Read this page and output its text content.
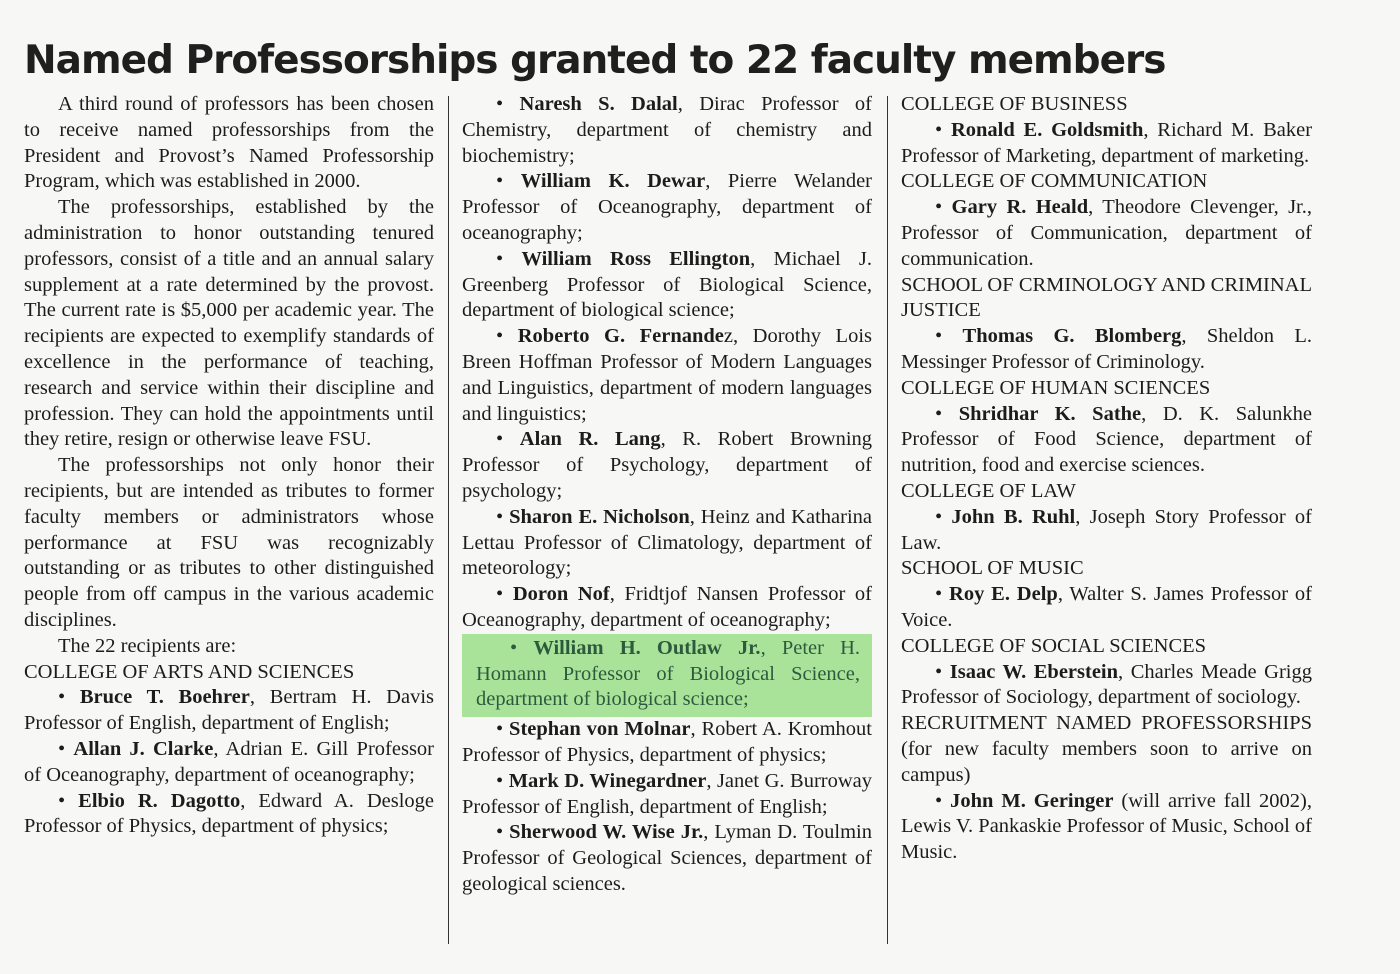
Named Professorships granted to 22 faculty members

A third round of professors has been chosen to receive named professorships from the President and Provost’s Named Professorship Program, which was established in 2000.

The professorships, established by the administration to honor outstanding tenured professors, consist of a title and an annual salary supplement at a rate determined by the provost. The current rate is $5,000 per academic year. The recipients are expected to exemplify standards of excellence in the performance of teaching, research and service within their discipline and profession. They can hold the appointments until they retire, resign or otherwise leave FSU.

The professorships not only honor their recipients, but are intended as tributes to former faculty members or administrators whose performance at FSU was recognizably outstanding or as tributes to other distinguished people from off campus in the various academic disciplines.

The 22 recipients are:

COLLEGE OF ARTS AND SCIENCES

• Bruce T. Boehrer, Bertram H. Davis Professor of English, department of English;

• Allan J. Clarke, Adrian E. Gill Professor of Oceanography, department of oceanography;

• Elbio R. Dagotto, Edward A. Desloge Professor of Physics, department of physics;

• Naresh S. Dalal, Dirac Professor of Chemistry, department of chemistry and biochemistry;

• William K. Dewar, Pierre Welander Professor of Oceanography, department of oceanography;

• William Ross Ellington, Michael J. Greenberg Professor of Biological Science, department of biological science;

• Roberto G. Fernandez, Dorothy Lois Breen Hoffman Professor of Modern Languages and Linguistics, department of modern languages and linguistics;

• Alan R. Lang, R. Robert Browning Professor of Psychology, department of psychology;

• Sharon E. Nicholson, Heinz and Katharina Lettau Professor of Climatology, department of meteorology;

• Doron Nof, Fridtjof Nansen Professor of Oceanography, department of oceanography;

• William H. Outlaw Jr., Peter H. Homann Professor of Biological Science, department of biological science;

• Stephan von Molnar, Robert A. Kromhout Professor of Physics, department of physics;

• Mark D. Winegardner, Janet G. Burroway Professor of English, department of English;

• Sherwood W. Wise Jr., Lyman D. Toulmin Professor of Geological Sciences, department of geological sciences.

COLLEGE OF BUSINESS

• Ronald E. Goldsmith, Richard M. Baker Professor of Marketing, department of marketing.

COLLEGE OF COMMUNICATION

• Gary R. Heald, Theodore Clevenger, Jr., Professor of Communication, department of communication.

SCHOOL OF CRMINOLOGY AND CRIMINAL JUSTICE

• Thomas G. Blomberg, Sheldon L. Messinger Professor of Criminology.

COLLEGE OF HUMAN SCIENCES

• Shridhar K. Sathe, D. K. Salunkhe Professor of Food Science, department of nutrition, food and exercise sciences.

COLLEGE OF LAW

• John B. Ruhl, Joseph Story Professor of Law.

SCHOOL OF MUSIC

• Roy E. Delp, Walter S. James Professor of Voice.

COLLEGE OF SOCIAL SCIENCES

• Isaac W. Eberstein, Charles Meade Grigg Professor of Sociology, department of sociology.

RECRUITMENT NAMED PROFESSORSHIPS (for new faculty members soon to arrive on campus)

• John M. Geringer (will arrive fall 2002), Lewis V. Pankaskie Professor of Music, School of Music.
